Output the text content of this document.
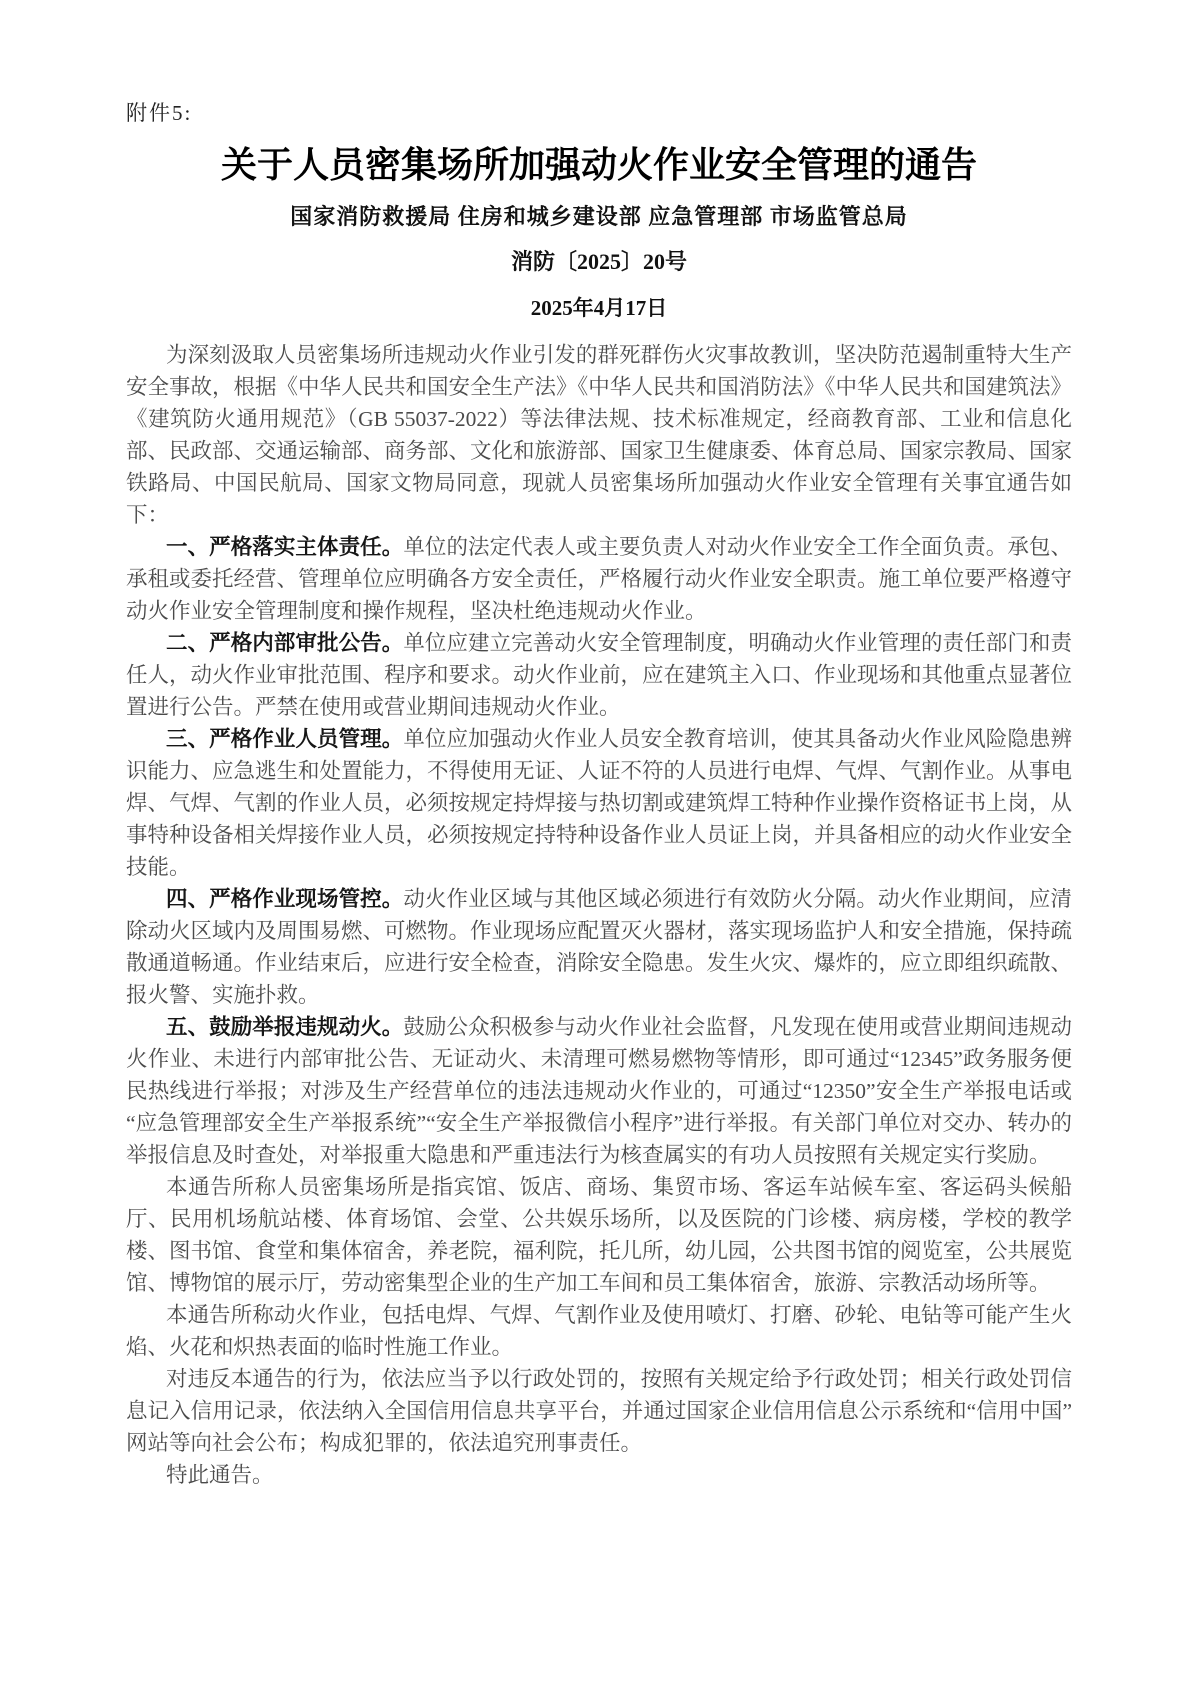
附件5:
关于人员密集场所加强动火作业安全管理的通告
国家消防救援局 住房和城乡建设部 应急管理部 市场监管总局
消防〔2025〕20号
2025年4月17日

为深刻汲取人员密集场所违规动火作业引发的群死群伤火灾事故教训，坚决防范遏制重特大生产安全事故，根据《中华人民共和国安全生产法》《中华人民共和国消防法》《中华人民共和国建筑法》《建筑防火通用规范》（GB 55037-2022）等法律法规、技术标准规定，经商教育部、工业和信息化部、民政部、交通运输部、商务部、文化和旅游部、国家卫生健康委、体育总局、国家宗教局、国家铁路局、中国民航局、国家文物局同意，现就人员密集场所加强动火作业安全管理有关事宜通告如下：

一、严格落实主体责任。单位的法定代表人或主要负责人对动火作业安全工作全面负责。承包、承租或委托经营、管理单位应明确各方安全责任，严格履行动火作业安全职责。施工单位要严格遵守动火作业安全管理制度和操作规程，坚决杜绝违规动火作业。

二、严格内部审批公告。单位应建立完善动火安全管理制度，明确动火作业管理的责任部门和责任人，动火作业审批范围、程序和要求。动火作业前，应在建筑主入口、作业现场和其他重点显著位置进行公告。严禁在使用或营业期间违规动火作业。

三、严格作业人员管理。单位应加强动火作业人员安全教育培训，使其具备动火作业风险隐患辨识能力、应急逃生和处置能力，不得使用无证、人证不符的人员进行电焊、气焊、气割作业。从事电焊、气焊、气割的作业人员，必须按规定持焊接与热切割或建筑焊工特种作业操作资格证书上岗，从事特种设备相关焊接作业人员，必须按规定持特种设备作业人员证上岗，并具备相应的动火作业安全技能。

四、严格作业现场管控。动火作业区域与其他区域必须进行有效防火分隔。动火作业期间，应清除动火区域内及周围易燃、可燃物。作业现场应配置灭火器材，落实现场监护人和安全措施，保持疏散通道畅通。作业结束后，应进行安全检查，消除安全隐患。发生火灾、爆炸的，应立即组织疏散、报火警、实施扑救。

五、鼓励举报违规动火。鼓励公众积极参与动火作业社会监督，凡发现在使用或营业期间违规动火作业、未进行内部审批公告、无证动火、未清理可燃易燃物等情形，即可通过“12345”政务服务便民热线进行举报；对涉及生产经营单位的违法违规动火作业的，可通过“12350”安全生产举报电话或“应急管理部安全生产举报系统”“安全生产举报微信小程序”进行举报。有关部门单位对交办、转办的举报信息及时查处，对举报重大隐患和严重违法行为核查属实的有功人员按照有关规定实行奖励。

本通告所称人员密集场所是指宾馆、饭店、商场、集贸市场、客运车站候车室、客运码头候船厅、民用机场航站楼、体育场馆、会堂、公共娱乐场所，以及医院的门诊楼、病房楼，学校的教学楼、图书馆、食堂和集体宿舍，养老院，福利院，托儿所，幼儿园，公共图书馆的阅览室，公共展览馆、博物馆的展示厅，劳动密集型企业的生产加工车间和员工集体宿舍，旅游、宗教活动场所等。

本通告所称动火作业，包括电焊、气焊、气割作业及使用喷灯、打磨、砂轮、电钻等可能产生火焰、火花和炽热表面的临时性施工作业。

对违反本通告的行为，依法应当予以行政处罚的，按照有关规定给予行政处罚；相关行政处罚信息记入信用记录，依法纳入全国信用信息共享平台，并通过国家企业信用信息公示系统和“信用中国”网站等向社会公布；构成犯罪的，依法追究刑事责任。

特此通告。
